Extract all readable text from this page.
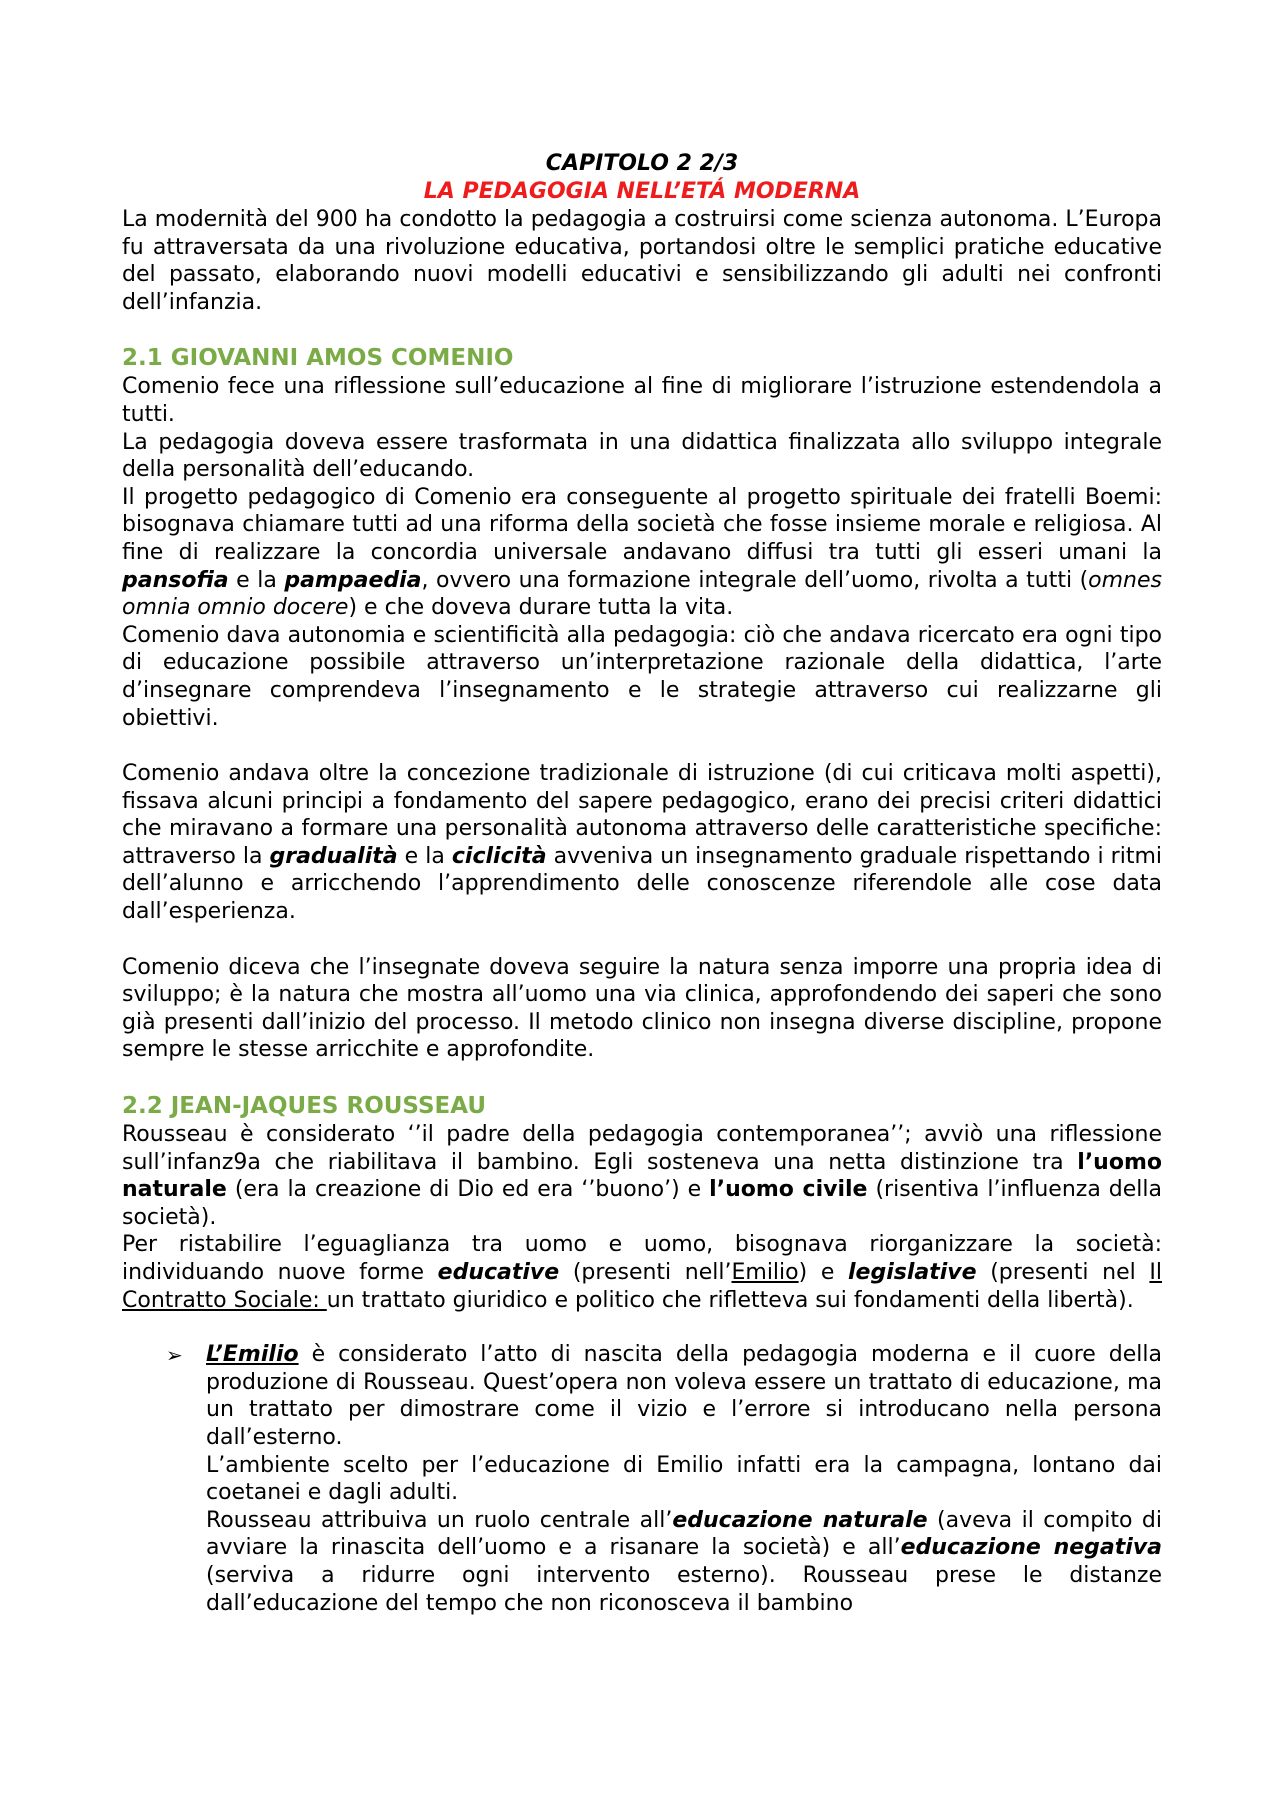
CAPITOLO 2 2/3
LA PEDAGOGIA NELL’ETÁ MODERNA

La modernità del 900 ha condotto la pedagogia a costruirsi come scienza autonoma. L’Europa fu attraversata da una rivoluzione educativa, portandosi oltre le semplici pratiche educative del passato, elaborando nuovi modelli educativi e sensibilizzando gli adulti nei confronti dell’infanzia.

2.1 GIOVANNI AMOS COMENIO

Comenio fece una riflessione sull’educazione al fine di migliorare l’istruzione estendendola a tutti.

La pedagogia doveva essere trasformata in una didattica finalizzata allo sviluppo integrale della personalità dell’educando.

Il progetto pedagogico di Comenio era conseguente al progetto spirituale dei fratelli Boemi: bisognava chiamare tutti ad una riforma della società che fosse insieme morale e religiosa. Al fine di realizzare la concordia universale andavano diffusi tra tutti gli esseri umani la pansofia e la pampaedia, ovvero una formazione integrale dell’uomo, rivolta a tutti (omnes omnia omnio docere) e che doveva durare tutta la vita.

Comenio dava autonomia e scientificità alla pedagogia: ciò che andava ricercato era ogni tipo di educazione possibile attraverso un’interpretazione razionale della didattica, l’arte d’insegnare comprendeva l’insegnamento e le strategie attraverso cui realizzarne gli obiettivi.

Comenio andava oltre la concezione tradizionale di istruzione (di cui criticava molti aspetti), fissava alcuni principi a fondamento del sapere pedagogico, erano dei precisi criteri didattici che miravano a formare una personalità autonoma attraverso delle caratteristiche specifiche: attraverso la gradualità e la ciclicità avveniva un insegnamento graduale rispettando i ritmi dell’alunno e arricchendo l’apprendimento delle conoscenze riferendole alle cose data dall’esperienza.

Comenio diceva che l’insegnate doveva seguire la natura senza imporre una propria idea di sviluppo; è la natura che mostra all’uomo una via clinica, approfondendo dei saperi che sono già presenti dall’inizio del processo. Il metodo clinico non insegna diverse discipline, propone sempre le stesse arricchite e approfondite.

2.2 JEAN-JAQUES ROUSSEAU

Rousseau è considerato ‘’il padre della pedagogia contemporanea’’; avviò una riflessione sull’infanz9a che riabilitava il bambino. Egli sosteneva una netta distinzione tra l’uomo naturale (era la creazione di Dio ed era ‘’buono’) e l’uomo civile (risentiva l’influenza della società).

Per ristabilire l’eguaglianza tra uomo e uomo, bisognava riorganizzare la società: individuando nuove forme educative (presenti nell’Emilio) e legislative (presenti nel Il Contratto Sociale: un trattato giuridico e politico che rifletteva sui fondamenti della libertà).

➢ L’Emilio è considerato l’atto di nascita della pedagogia moderna e il cuore della produzione di Rousseau. Quest’opera non voleva essere un trattato di educazione, ma un trattato per dimostrare come il vizio e l’errore si introducano nella persona dall’esterno.

L’ambiente scelto per l’educazione di Emilio infatti era la campagna, lontano dai coetanei e dagli adulti.

Rousseau attribuiva un ruolo centrale all’educazione naturale (aveva il compito di avviare la rinascita dell’uomo e a risanare la società) e all’educazione negativa (serviva a ridurre ogni intervento esterno). Rousseau prese le distanze dall’educazione del tempo che non riconosceva il bambino
